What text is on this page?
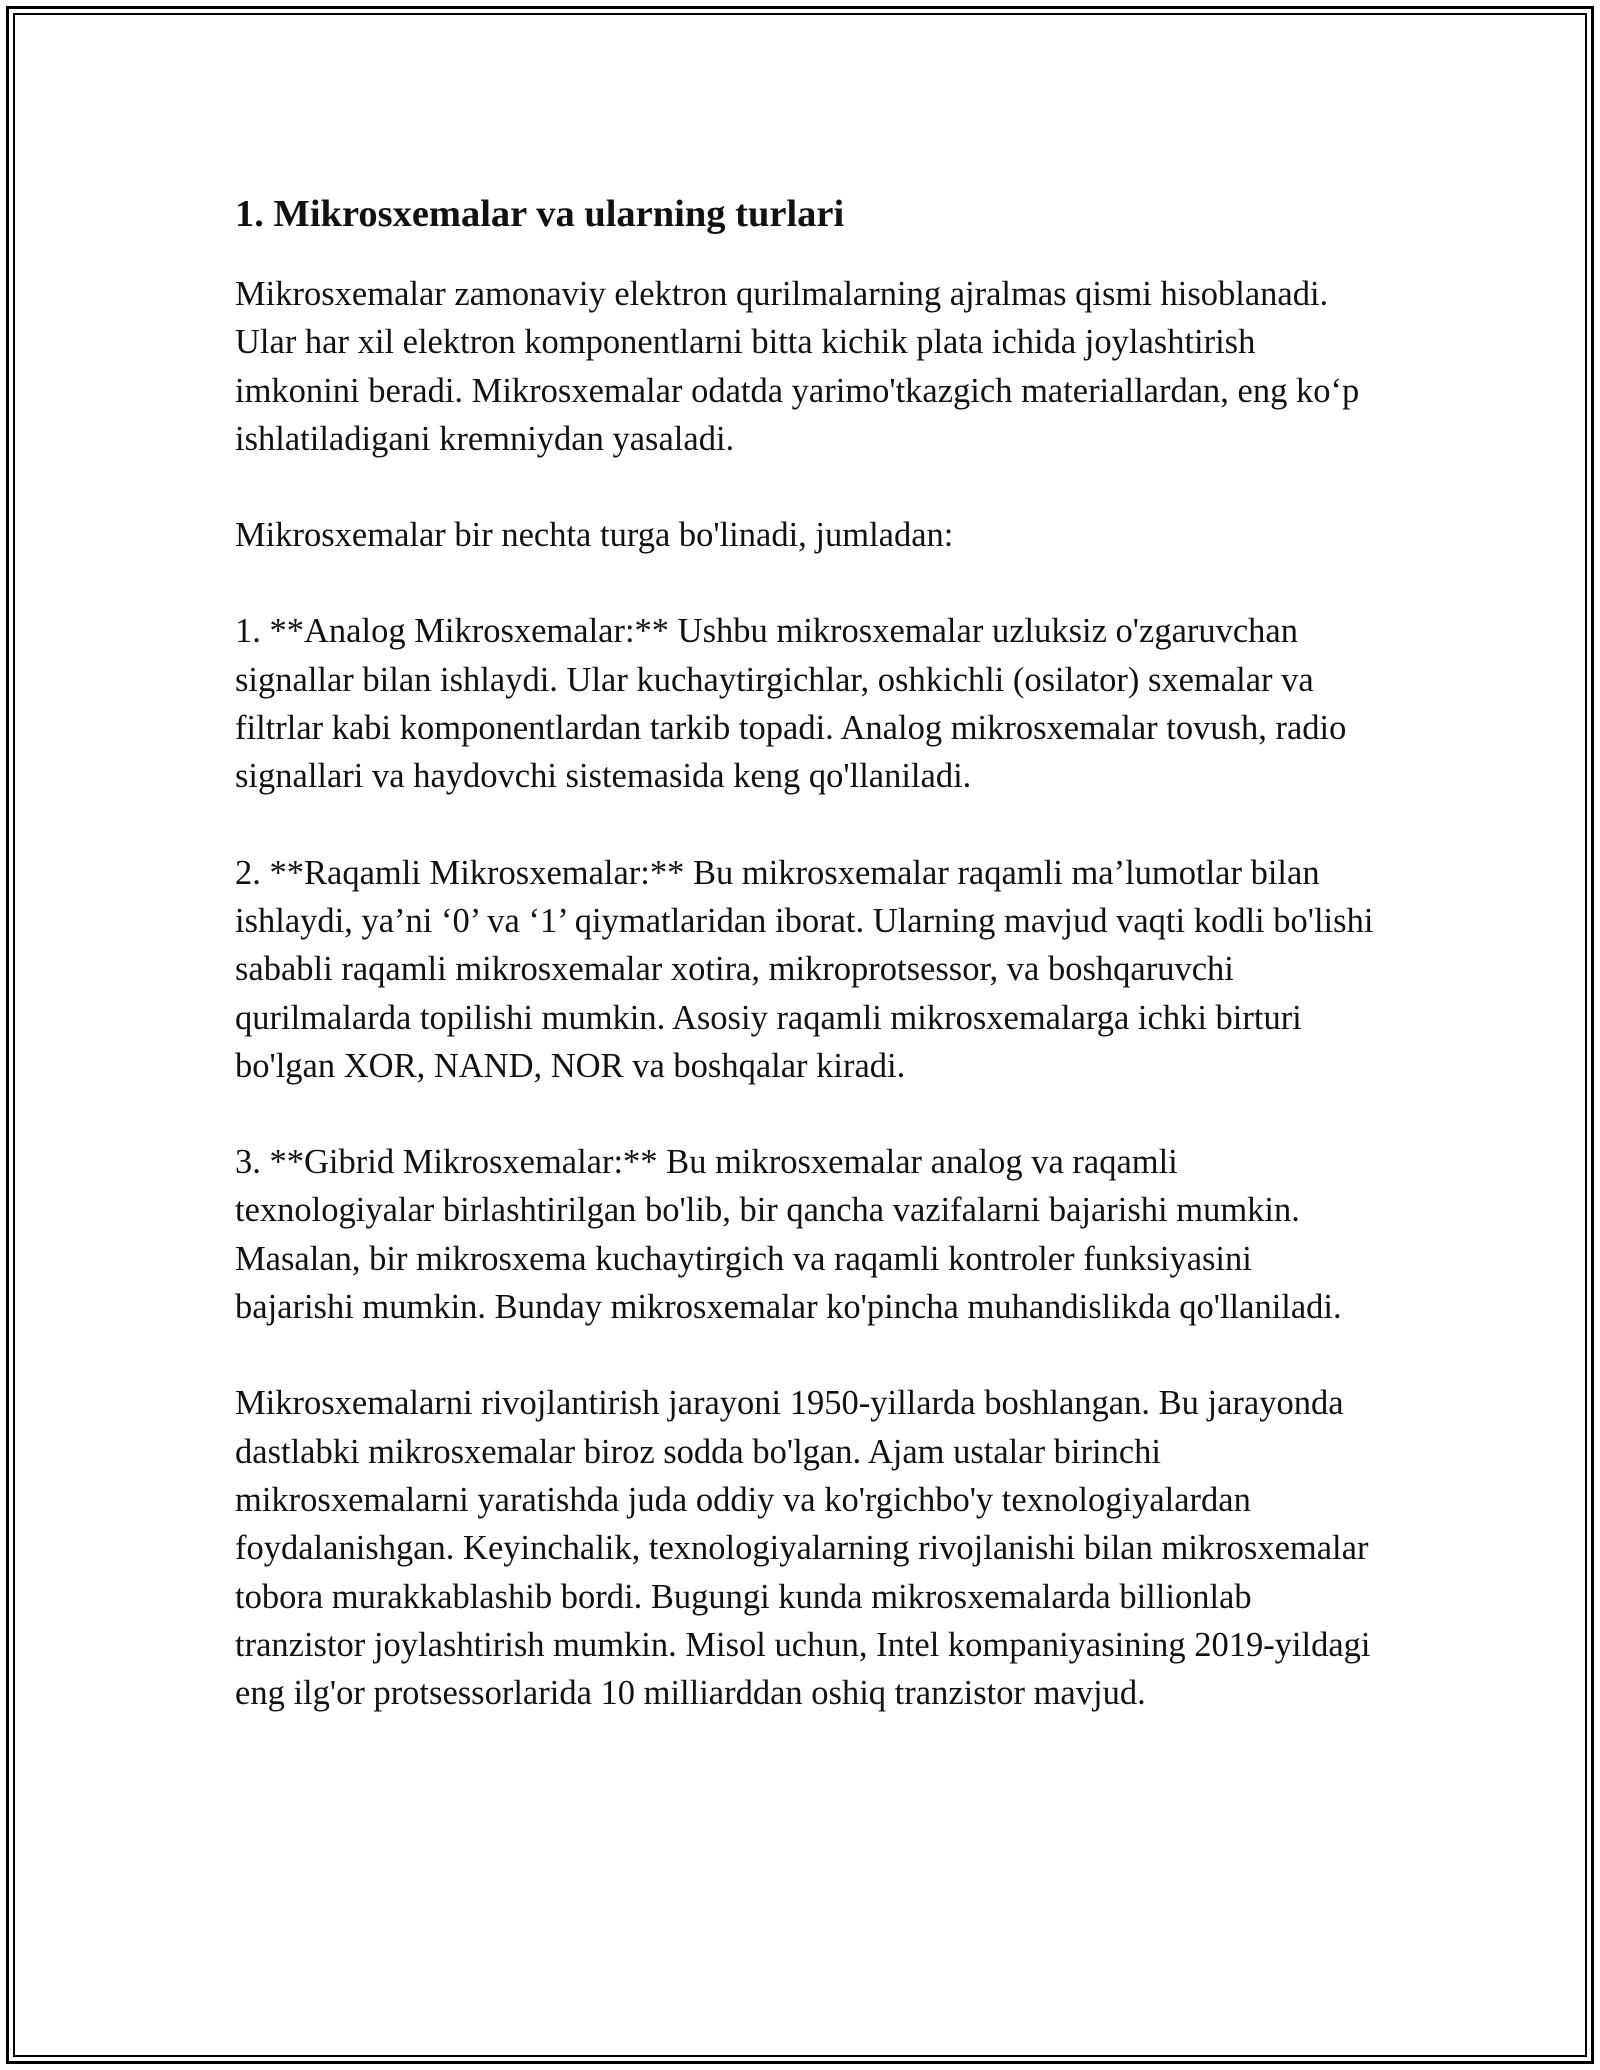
1. Mikrosxemalar va ularning turlari

Mikrosxemalar zamonaviy elektron qurilmalarning ajralmas qismi hisoblanadi. Ular har xil elektron komponentlarni bitta kichik plata ichida joylashtirish imkonini beradi. Mikrosxemalar odatda yarimo'tkazgich materiallardan, eng ko‘p ishlatiladigani kremniydan yasaladi.

Mikrosxemalar bir nechta turga bo'linadi, jumladan:

1. **Analog Mikrosxemalar:** Ushbu mikrosxemalar uzluksiz o'zgaruvchan signallar bilan ishlaydi. Ular kuchaytirgichlar, oshkichli (osilator) sxemalar va filtrlar kabi komponentlardan tarkib topadi. Analog mikrosxemalar tovush, radio signallari va haydovchi sistemasida keng qo'llaniladi.

2. **Raqamli Mikrosxemalar:** Bu mikrosxemalar raqamli ma’lumotlar bilan ishlaydi, ya’ni ‘0’ va ‘1’ qiymatlaridan iborat. Ularning mavjud vaqti kodli bo'lishi sababli raqamli mikrosxemalar xotira, mikroprotsessor, va boshqaruvchi qurilmalarda topilishi mumkin. Asosiy raqamli mikrosxemalarga ichki birturi bo'lgan XOR, NAND, NOR va boshqalar kiradi.

3. **Gibrid Mikrosxemalar:** Bu mikrosxemalar analog va raqamli texnologiyalar birlashtirilgan bo'lib, bir qancha vazifalarni bajarishi mumkin. Masalan, bir mikrosxema kuchaytirgich va raqamli kontroler funksiyasini bajarishi mumkin. Bunday mikrosxemalar ko'pincha muhandislikda qo'llaniladi.

Mikrosxemalarni rivojlantirish jarayoni 1950-yillarda boshlangan. Bu jarayonda dastlabki mikrosxemalar biroz sodda bo'lgan. Ajam ustalar birinchi mikrosxemalarni yaratishda juda oddiy va ko'rgichbo'y texnologiyalardan foydalanishgan. Keyinchalik, texnologiyalarning rivojlanishi bilan mikrosxemalar tobora murakkablashib bordi. Bugungi kunda mikrosxemalarda billionlab tranzistor joylashtirish mumkin. Misol uchun, Intel kompaniyasining 2019-yildagi eng ilg'or protsessorlarida 10 milliarddan oshiq tranzistor mavjud.
